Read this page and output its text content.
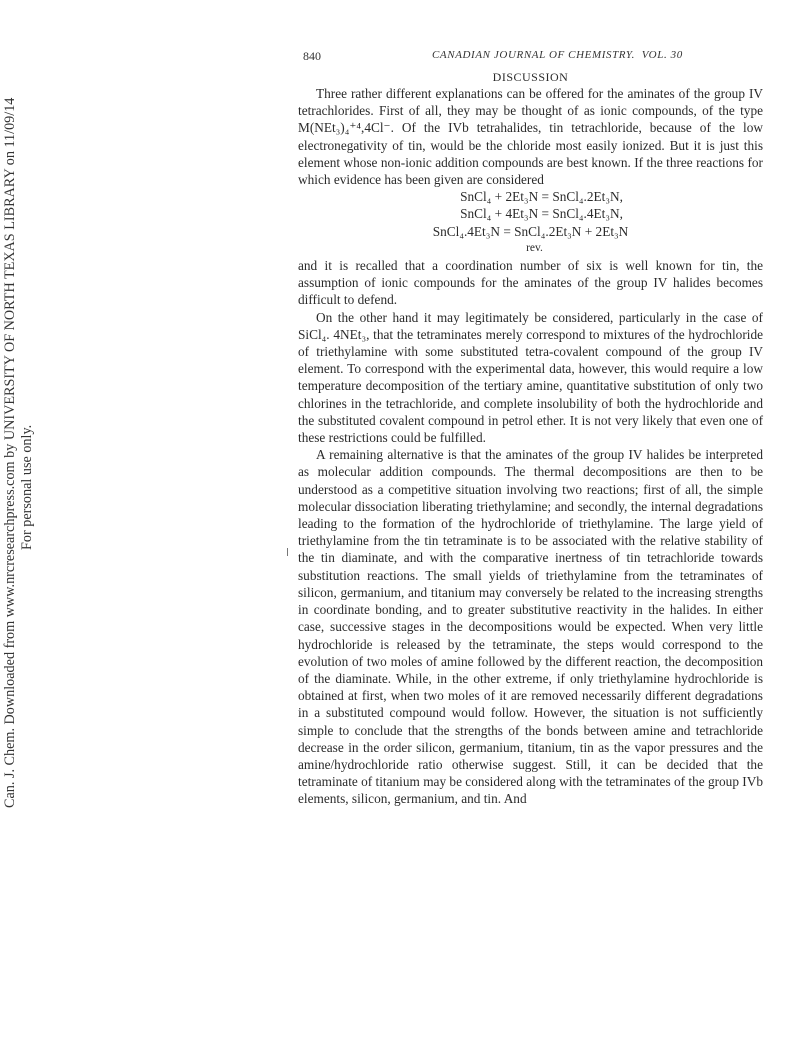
Can. J. Chem. Downloaded from www.nrcresearchpress.com by UNIVERSITY OF NORTH TEXAS LIBRARY on 11/09/14 For personal use only.
840	CANADIAN JOURNAL OF CHEMISTRY. VOL. 30
DISCUSSION

Three rather different explanations can be offered for the aminates of the group IV tetrachlorides. First of all, they may be thought of as ionic compounds, of the type M(NEt₃)₄⁺⁴,4Cl⁻. Of the IVb tetrahalides, tin tetrachloride, because of the low electronegativity of tin, would be the chloride most easily ionized. But it is just this element whose non-ionic addition compounds are best known. If the three reactions for which evidence has been given are considered

SnCl₄ + 2Et₃N = SnCl₄.2Et₃N,
SnCl₄ + 4Et₃N = SnCl₄.4Et₃N,
SnCl₄.4Et₃N = SnCl₄.2Et₃N + 2Et₃N
rev.

and it is recalled that a coordination number of six is well known for tin, the assumption of ionic compounds for the aminates of the group IV halides becomes difficult to defend.

On the other hand it may legitimately be considered, particularly in the case of SiCl₄. 4NEt₃, that the tetraminates merely correspond to mixtures of the hydrochloride of triethylamine with some substituted tetra-covalent compound of the group IV element. To correspond with the experimental data, however, this would require a low temperature decomposition of the tertiary amine, quantitative substitution of only two chlorines in the tetrachloride, and complete insolubility of both the hydrochloride and the substituted covalent compound in petrol ether. It is not very likely that even one of these restrictions could be fulfilled.

A remaining alternative is that the aminates of the group IV halides be interpreted as molecular addition compounds. The thermal decompositions are then to be understood as a competitive situation involving two reactions; first of all, the simple molecular dissociation liberating triethylamine; and secondly, the internal degradations leading to the formation of the hydrochloride of triethylamine. The large yield of triethylamine from the tin tetraminate is to be associated with the relative stability of the tin diaminate, and with the comparative inertness of tin tetrachloride towards substitution reactions. The small yields of triethylamine from the tetraminates of silicon, germanium, and titanium may conversely be related to the increasing strengths in coordinate bonding, and to greater substitutive reactivity in the halides. In either case, successive stages in the decompositions would be expected. When very little hydrochloride is released by the tetraminate, the steps would correspond to the evolution of two moles of amine followed by the different reaction, the decomposition of the diaminate. While, in the other extreme, if only triethylamine hydrochloride is obtained at first, when two moles of it are removed necessarily different degradations in a substituted compound would follow. However, the situation is not sufficiently simple to conclude that the strengths of the bonds between amine and tetrachloride decrease in the order silicon, germanium, titanium, tin as the vapor pressures and the amine/hydrochloride ratio otherwise suggest. Still, it can be decided that the tetraminate of titanium may be considered along with the tetraminates of the group IVb elements, silicon, germanium, and tin. And
